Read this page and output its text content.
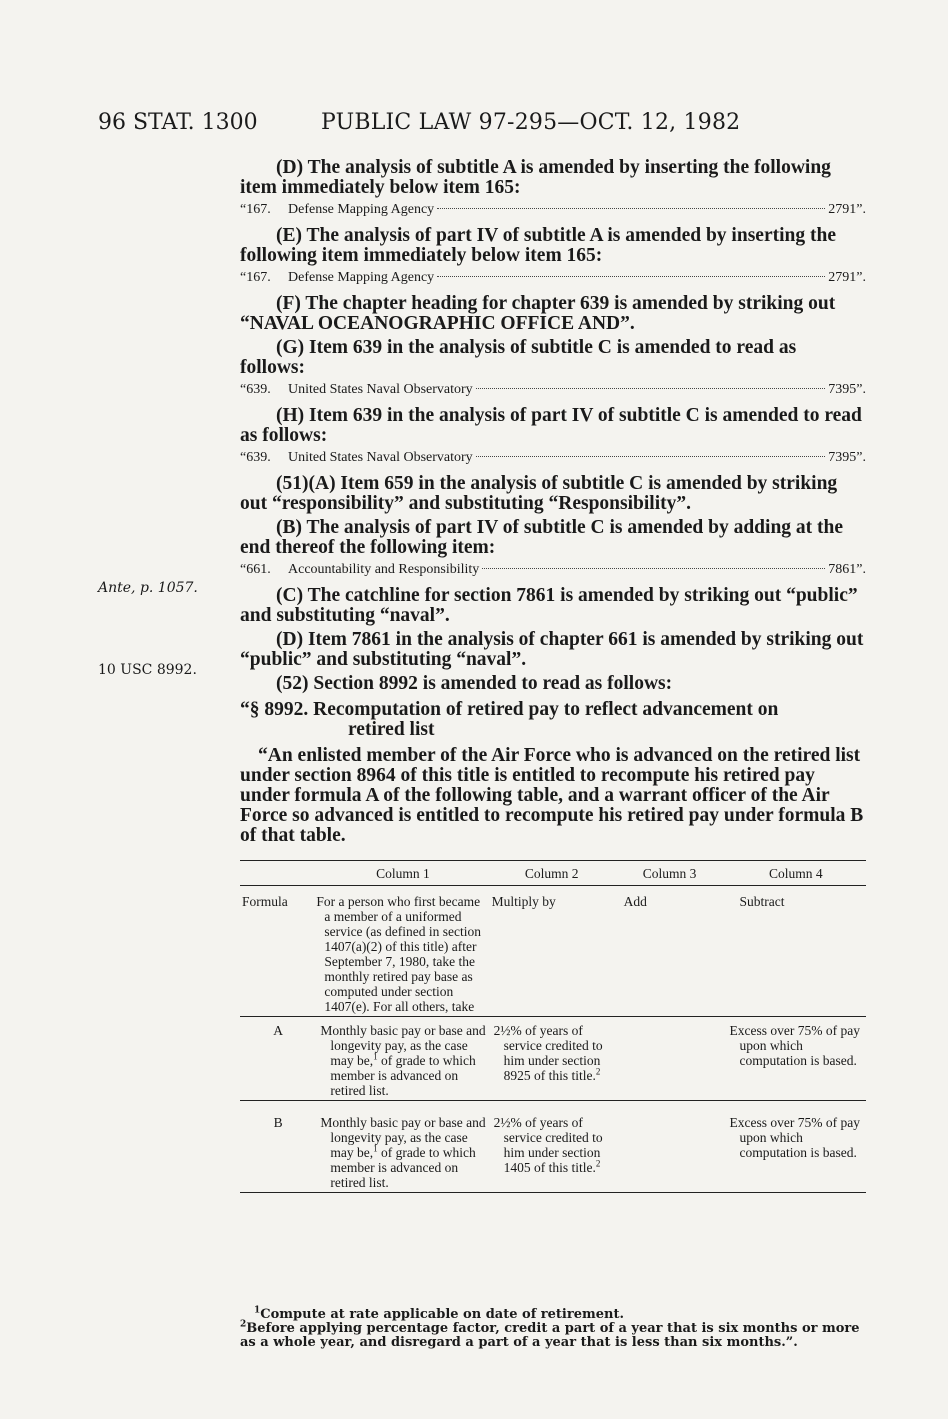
96 STAT. 1300	PUBLIC LAW 97-295—OCT. 12, 1982
Ante, p. 1057.
10 USC 8992.

(D) The analysis of subtitle A is amended by inserting the following item immediately below item 165:

“167.	Defense Mapping Agency	2791”.

(E) The analysis of part IV of subtitle A is amended by inserting the following item immediately below item 165:

“167.	Defense Mapping Agency	2791”.

(F) The chapter heading for chapter 639 is amended by striking out “NAVAL OCEANOGRAPHIC OFFICE AND”.

(G) Item 639 in the analysis of subtitle C is amended to read as follows:

“639.	United States Naval Observatory	7395”.

(H) Item 639 in the analysis of part IV of subtitle C is amended to read as follows:

“639.	United States Naval Observatory	7395”.

(51)(A) Item 659 in the analysis of subtitle C is amended by striking out “responsibility” and substituting “Responsibility”.

(B) The analysis of part IV of subtitle C is amended by adding at the end thereof the following item:

“661.	Accountability and Responsibility	7861”.

(C) The catchline for section 7861 is amended by striking out “public” and substituting “naval”.

(D) Item 7861 in the analysis of chapter 661 is amended by striking out “public” and substituting “naval”.

(52) Section 8992 is amended to read as follows:

“§ 8992. Recomputation of retired pay to reflect advancement on
retired list

“An enlisted member of the Air Force who is advanced on the retired list under section 8964 of this title is entitled to recompute his retired pay under formula A of the following table, and a warrant officer of the Air Force so advanced is entitled to recompute his retired pay under formula B of that table.

	Column 1	Column 2	Column 3	Column 4
Formula	For a person who first became a member of a uniformed service (as defined in section 1407(a)(2) of this title) after September 7, 1980, take the monthly retired pay base as computed under section 1407(e). For all others, take	Multiply by	Add	Subtract
A	Monthly basic pay or base and longevity pay, as the case may be,$^1$ of grade to which member is advanced on retired list.	2½% of years of service credited to him under section 8925 of this title.$^2$		Excess over 75% of pay upon which computation is based.
B	Monthly basic pay or base and longevity pay, as the case may be,$^1$ of grade to which member is advanced on retired list.	2½% of years of service credited to him under section 1405 of this title.$^2$		Excess over 75% of pay upon which computation is based.

$^1$Compute at rate applicable on date of retirement.
$^2$Before applying percentage factor, credit a part of a year that is six months or more as a whole year, and disregard a part of a year that is less than six months.”.
